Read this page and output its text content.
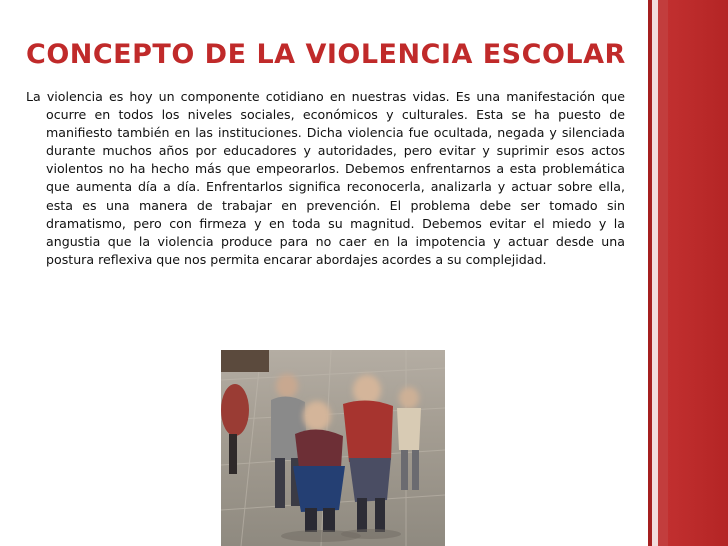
CONCEPTO DE LA VIOLENCIA ESCOLAR
La violencia es hoy un componente cotidiano en nuestras vidas. Es una manifestación que ocurre en todos los niveles sociales, económicos y culturales. Esta se ha puesto de manifiesto también en las instituciones. Dicha violencia fue ocultada, negada y silenciada durante muchos años por educadores y autoridades, pero evitar y suprimir esos actos violentos no ha hecho más que empeorarlos. Debemos enfrentarnos a esta problemática que aumenta día a día. Enfrentarlos significa reconocerla, analizarla y actuar sobre ella, esta es una manera de trabajar en prevención. El problema debe ser tomado sin dramatismo, pero con firmeza y en toda su magnitud. Debemos evitar el miedo y la angustia que la violencia produce para no caer en la impotencia y actuar desde una postura reflexiva que nos permita encarar abordajes acordes a su complejidad.
